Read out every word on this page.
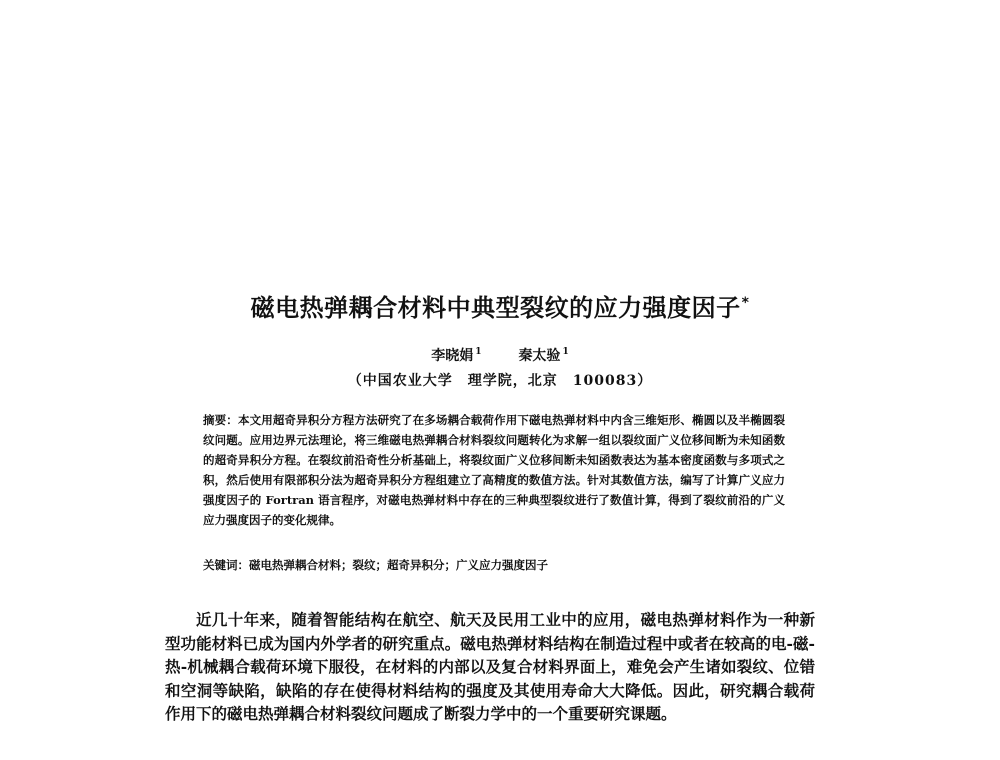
磁电热弹耦合材料中典型裂纹的应力强度因子*
李晓娟 $^1$	秦太验 $^1$
（中国农业大学　理学院，北京　100083）
摘要：本文用超奇异积分方程方法研究了在多场耦合载荷作用下磁电热弹材料中内含三维矩形、椭圆以及半椭圆裂纹问题。应用边界元法理论，将三维磁电热弹耦合材料裂纹问题转化为求解一组以裂纹面广义位移间断为未知函数的超奇异积分方程。在裂纹前沿奇性分析基础上，将裂纹面广义位移间断未知函数表达为基本密度函数与多项式之积，然后使用有限部积分法为超奇异积分方程组建立了高精度的数值方法。针对其数值方法，编写了计算广义应力强度因子的 Fortran 语言程序，对磁电热弹材料中存在的三种典型裂纹进行了数值计算，得到了裂纹前沿的广义应力强度因子的变化规律。
关键词：磁电热弹耦合材料；裂纹；超奇异积分；广义应力强度因子
近几十年来，随着智能结构在航空、航天及民用工业中的应用，磁电热弹材料作为一种新型功能材料已成为国内外学者的研究重点。磁电热弹材料结构在制造过程中或者在较高的电-磁-热-机械耦合载荷环境下服役，在材料的内部以及复合材料界面上，难免会产生诸如裂纹、位错和空洞等缺陷，缺陷的存在使得材料结构的强度及其使用寿命大大降低。因此，研究耦合载荷作用下的磁电热弹耦合材料裂纹问题成了断裂力学中的一个重要研究课题。
